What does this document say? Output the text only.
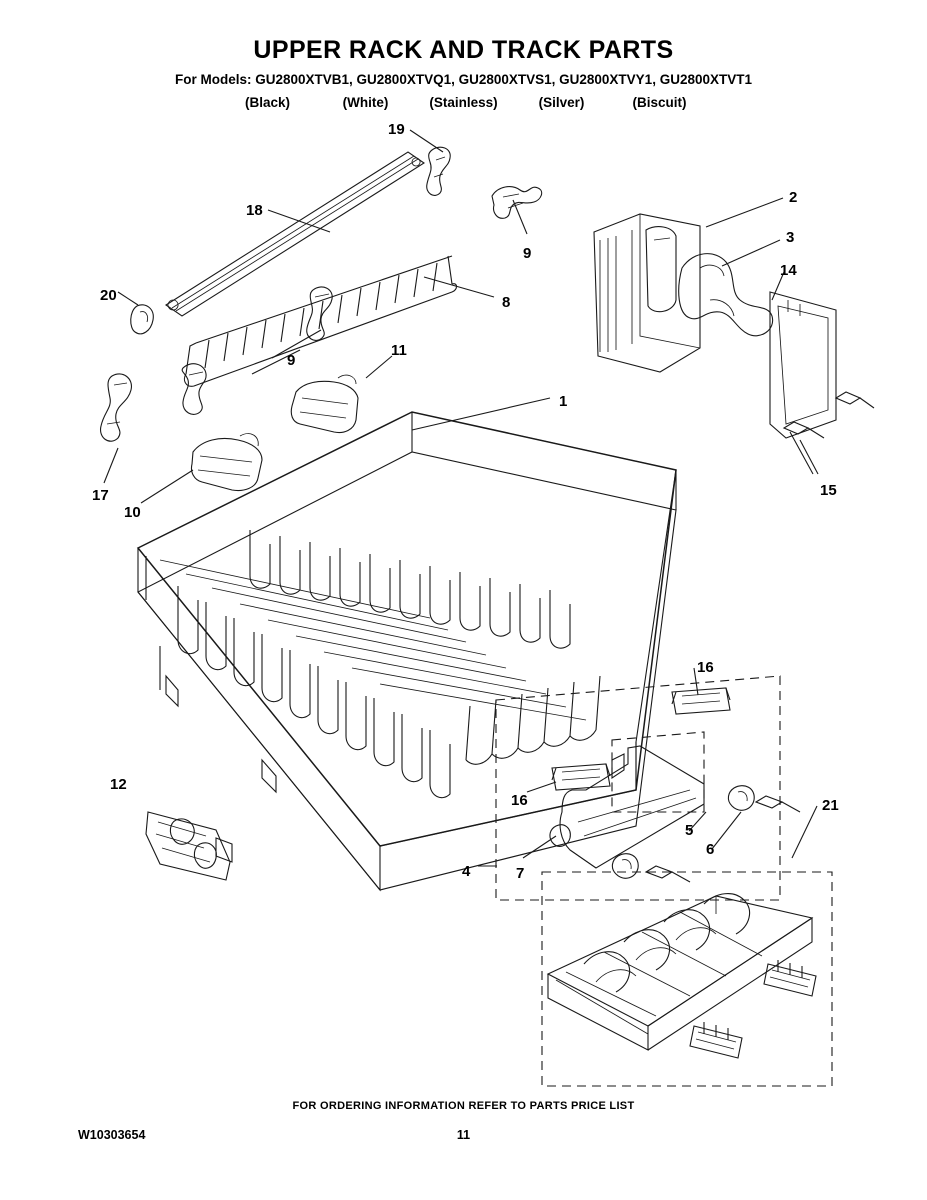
UPPER RACK AND TRACK PARTS
For Models: GU2800XTVB1, GU2800XTVQ1, GU2800XTVS1, GU2800XTVY1, GU2800XTVT1
(Black)	(White)	(Stainless)	(Silver)	(Biscuit)
19
18
9
2
3
14
8
20
9
11
1
15
17
10
16
16
12
21
5
6
4	7
FOR ORDERING INFORMATION REFER TO PARTS PRICE LIST
W10303654	11
